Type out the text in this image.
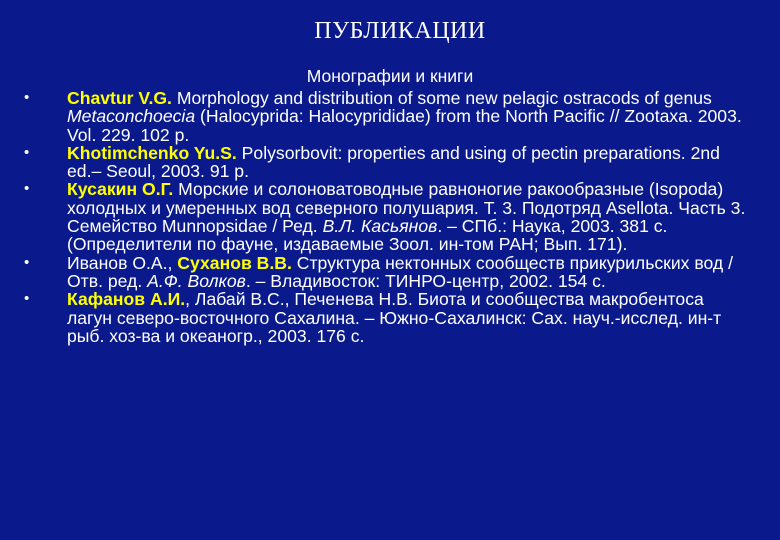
ПУБЛИКАЦИИ
Монографии и книги
• Chavtur V.G. Morphology and distribution of some new pelagic ostracods of genus Metaconchoecia (Halocyprida: Halocyprididae) from the North Pacific // Zootaxa. 2003. Vol. 229. 102 p.
• Khotimchenko Yu.S. Polysorbovit: properties and using of pectin preparations. 2nd ed.– Seoul, 2003. 91 p.
• Кусакин О.Г. Морские и солоноватоводные равноногие ракообразные (Isopoda) холодных и умеренных вод северного полушария. Т. 3. Подотряд Asellota. Часть 3. Семейство Munnopsidae / Ред. В.Л. Касьянов. – СПб.: Наука, 2003. 381 с. (Определители по фауне, издаваемые Зоол. ин-том РАН; Вып. 171).
• Иванов О.А., Суханов В.В. Структура нектонных сообществ прикурильских вод / Отв. ред. А.Ф. Волков. – Владивосток: ТИНРО-центр, 2002. 154 с.
• Кафанов А.И., Лабай В.С., Печенева Н.В. Биота и сообщества макробентоса лагун северо-восточного Сахалина. – Южно-Сахалинск: Сах. науч.-исслед. ин-т рыб. хоз-ва и океаногр., 2003. 176 с.
